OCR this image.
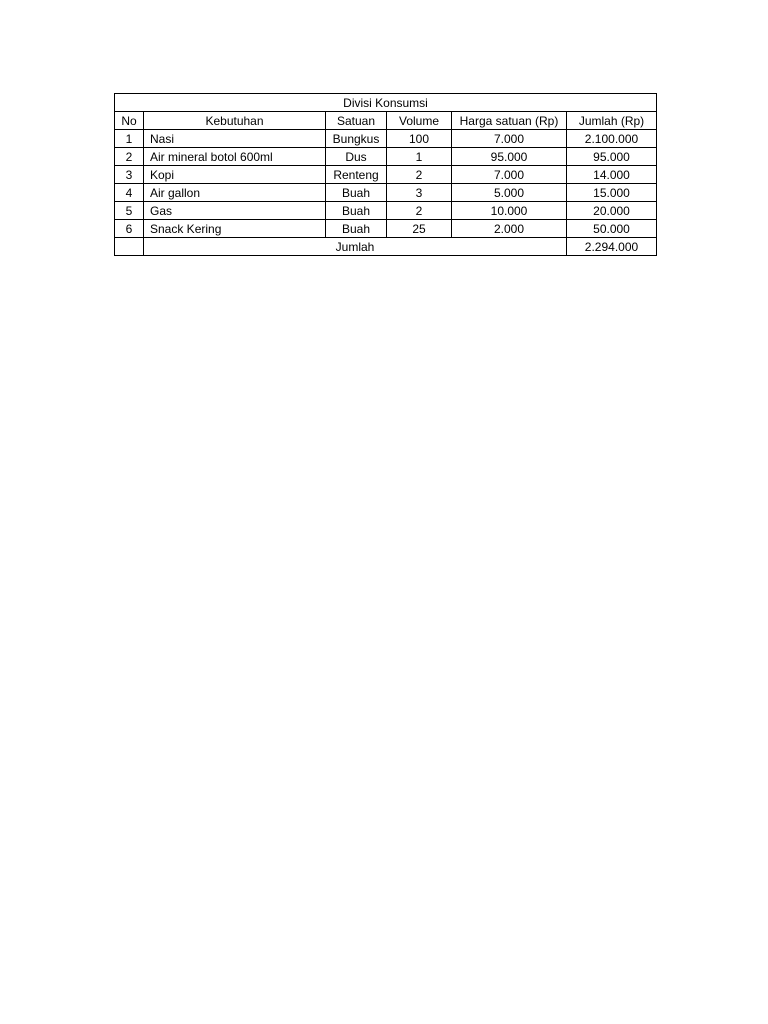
Divisi Konsumsi					
No	Kebutuhan	Satuan	Volume	Harga satuan (Rp)	Jumlah (Rp)
1	Nasi	Bungkus	100	7.000	2.100.000
2	Air mineral botol 600ml	Dus	1	95.000	95.000
3	Kopi	Renteng	2	7.000	14.000
4	Air gallon	Buah	3	5.000	15.000
5	Gas	Buah	2	10.000	20.000
6	Snack Kering	Buah	25	2.000	50.000
	Jumlah				2.294.000
